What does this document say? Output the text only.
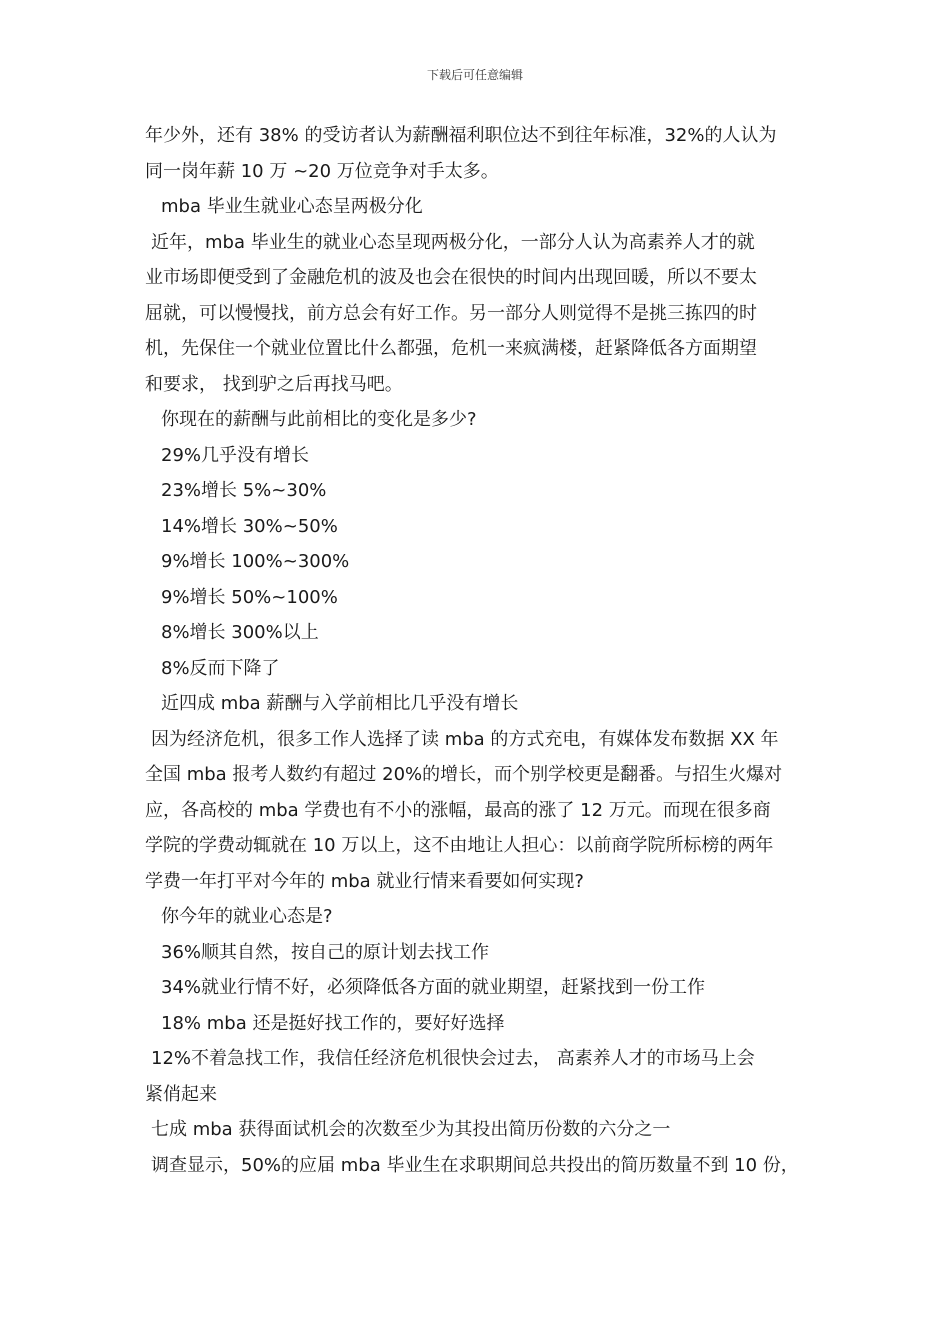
下载后可任意编辑

年少外，还有 38% 的受访者认为薪酬福利职位达不到往年标准，32%的人认为

同一岗年薪 10 万 ~20 万位竞争对手太多。

mba 毕业生就业心态呈两极分化

近年，mba 毕业生的就业心态呈现两极分化，一部分人认为高素养人才的就

业市场即便受到了金融危机的波及也会在很快的时间内出现回暖，所以不要太

屈就，可以慢慢找，前方总会有好工作。另一部分人则觉得不是挑三拣四的时

机，先保住一个就业位置比什么都强，危机一来疯满楼，赶紧降低各方面期望

和要求， 找到驴之后再找马吧。

你现在的薪酬与此前相比的变化是多少?

29%几乎没有增长

23%增长 5%~30%

14%增长 30%~50%

9%增长 100%~300%

9%增长 50%~100%

8%增长 300%以上

8%反而下降了

近四成 mba 薪酬与入学前相比几乎没有增长

因为经济危机，很多工作人选择了读 mba 的方式充电，有媒体发布数据 XX 年

全国 mba 报考人数约有超过 20%的增长，而个别学校更是翻番。与招生火爆对

应，各高校的 mba 学费也有不小的涨幅，最高的涨了 12 万元。而现在很多商

学院的学费动辄就在 10 万以上，这不由地让人担心：以前商学院所标榜的两年

学费一年打平对今年的 mba 就业行情来看要如何实现?

你今年的就业心态是?

36%顺其自然，按自己的原计划去找工作

34%就业行情不好，必须降低各方面的就业期望，赶紧找到一份工作

18% mba 还是挺好找工作的，要好好选择

12%不着急找工作，我信任经济危机很快会过去， 高素养人才的市场马上会

紧俏起来

七成 mba 获得面试机会的次数至少为其投出简历份数的六分之一

调查显示，50%的应届 mba 毕业生在求职期间总共投出的简历数量不到 10 份，
